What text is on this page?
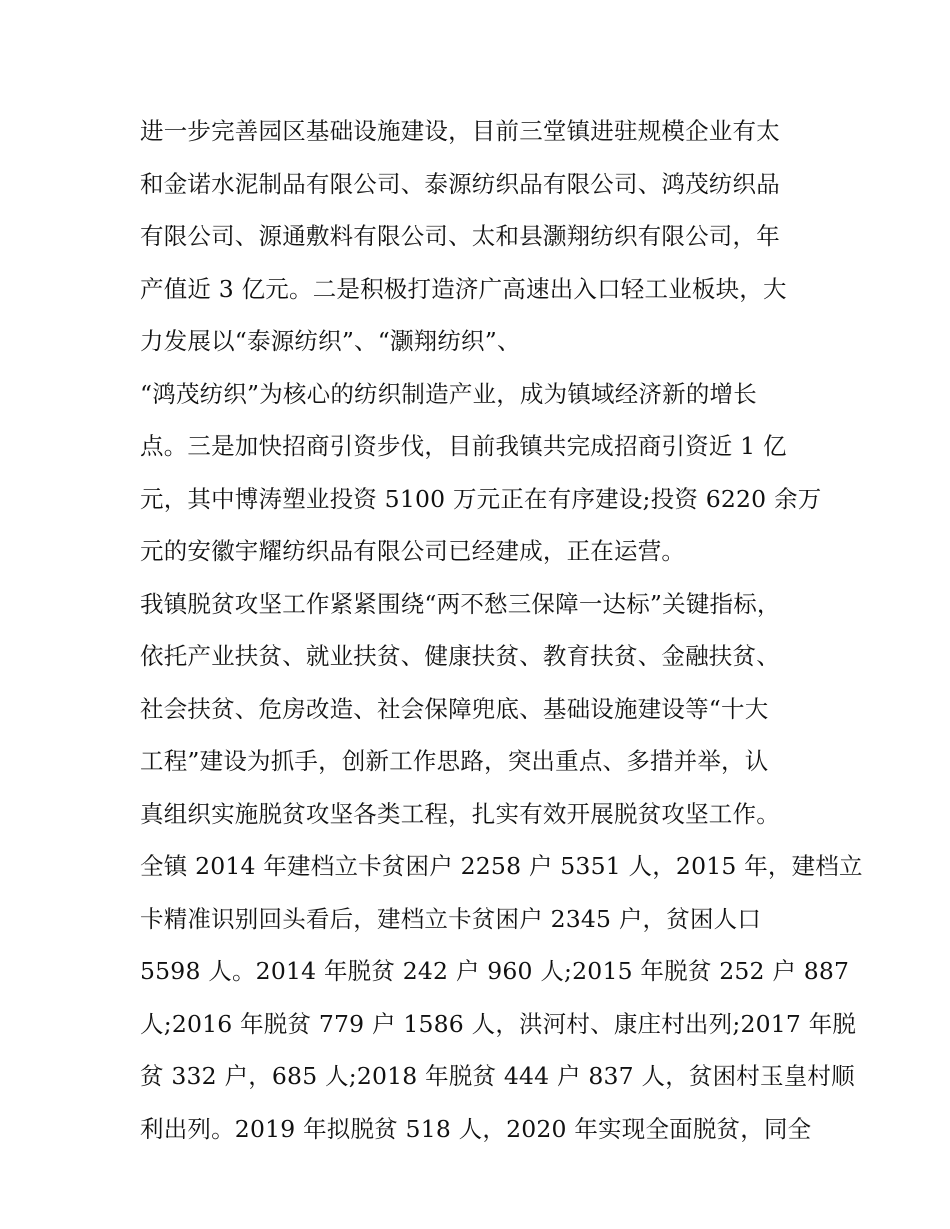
进一步完善园区基础设施建设，目前三堂镇进驻规模企业有太
和金诺水泥制品有限公司、泰源纺织品有限公司、鸿茂纺织品
有限公司、源通敷料有限公司、太和县灏翔纺织有限公司，年
产值近 3 亿元。二是积极打造济广高速出入口轻工业板块，大
力发展以“泰源纺织”、“灏翔纺织”、
“鸿茂纺织”为核心的纺织制造产业，成为镇域经济新的增长
点。三是加快招商引资步伐，目前我镇共完成招商引资近 1 亿
元，其中博涛塑业投资 5100 万元正在有序建设;投资 6220 余万
元的安徽宇耀纺织品有限公司已经建成，正在运营。
我镇脱贫攻坚工作紧紧围绕“两不愁三保障一达标”关键指标，
依托产业扶贫、就业扶贫、健康扶贫、教育扶贫、金融扶贫、
社会扶贫、危房改造、社会保障兜底、基础设施建设等“十大
工程”建设为抓手，创新工作思路，突出重点、多措并举，认
真组织实施脱贫攻坚各类工程，扎实有效开展脱贫攻坚工作。
全镇 2014 年建档立卡贫困户 2258 户 5351 人，2015 年，建档立
卡精准识别回头看后，建档立卡贫困户 2345 户，贫困人口
5598 人。2014 年脱贫 242 户 960 人;2015 年脱贫 252 户 887
人;2016 年脱贫 779 户 1586 人，洪河村、康庄村出列;2017 年脱
贫 332 户，685 人;2018 年脱贫 444 户 837 人，贫困村玉皇村顺
利出列。2019 年拟脱贫 518 人，2020 年实现全面脱贫，同全
